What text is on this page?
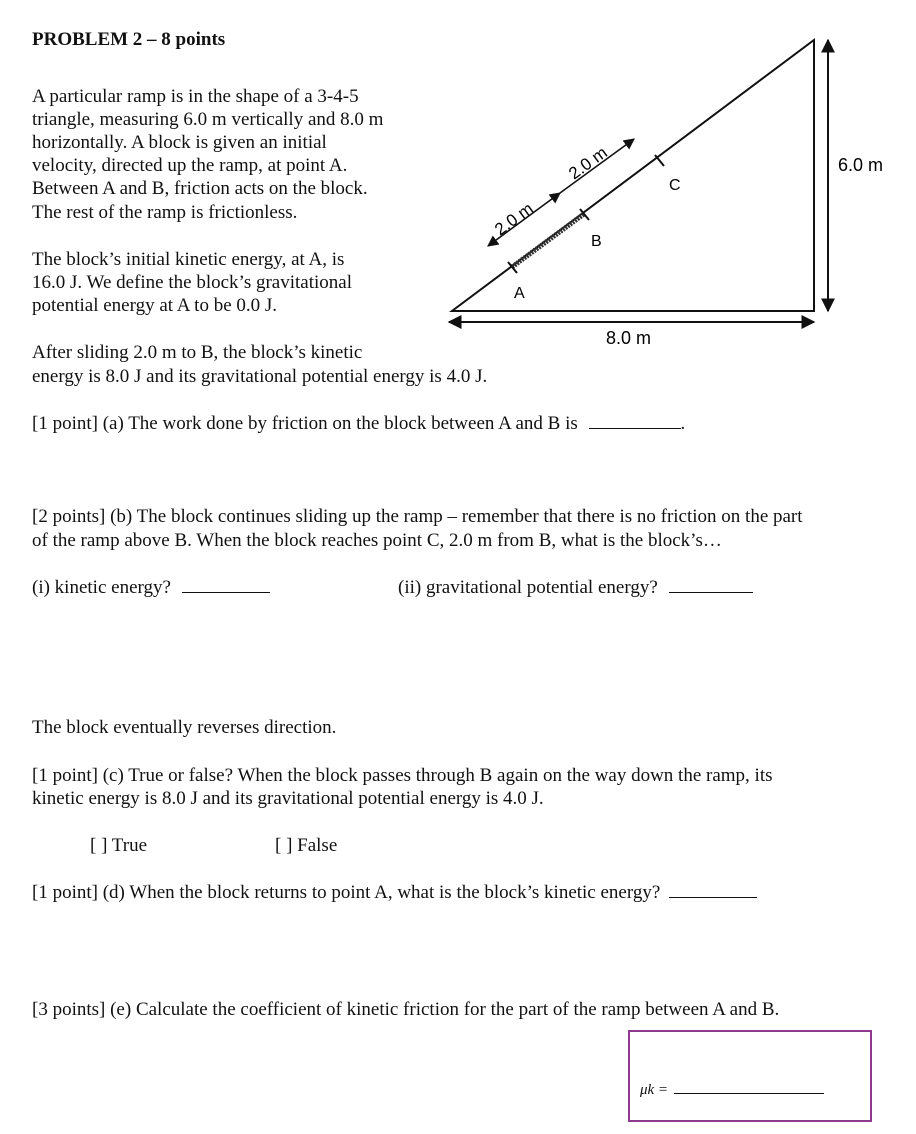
PROBLEM 2 – 8 points
A particular ramp is in the shape of a 3-4-5
triangle, measuring 6.0 m vertically and 8.0 m
horizontally. A block is given an initial
velocity, directed up the ramp, at point A.
Between A and B, friction acts on the block.
The rest of the ramp is frictionless.
The block’s initial kinetic energy, at A, is
16.0 J. We define the block’s gravitational
potential energy at A to be 0.0 J.
After sliding 2.0 m to B, the block’s kinetic
energy is 8.0 J and its gravitational potential energy is 4.0 J.
6.0 m
8.0 m
2.0 m
2.0 m
A
B
C
[1 point] (a) The work done by friction on the block between A and B is	.
[2 points] (b) The block continues sliding up the ramp – remember that there is no friction on the part
of the ramp above B. When the block reaches point C, 2.0 m from B, what is the block’s…
(i) kinetic energy?	(ii) gravitational potential energy?
The block eventually reverses direction.
[1 point] (c) True or false? When the block passes through B again on the way down the ramp, its
kinetic energy is 8.0 J and its gravitational potential energy is 4.0 J.
[ ] True	[ ] False
[1 point] (d) When the block returns to point A, what is the block’s kinetic energy?
[3 points] (e) Calculate the coefficient of kinetic friction for the part of the ramp between A and B.
μk =
